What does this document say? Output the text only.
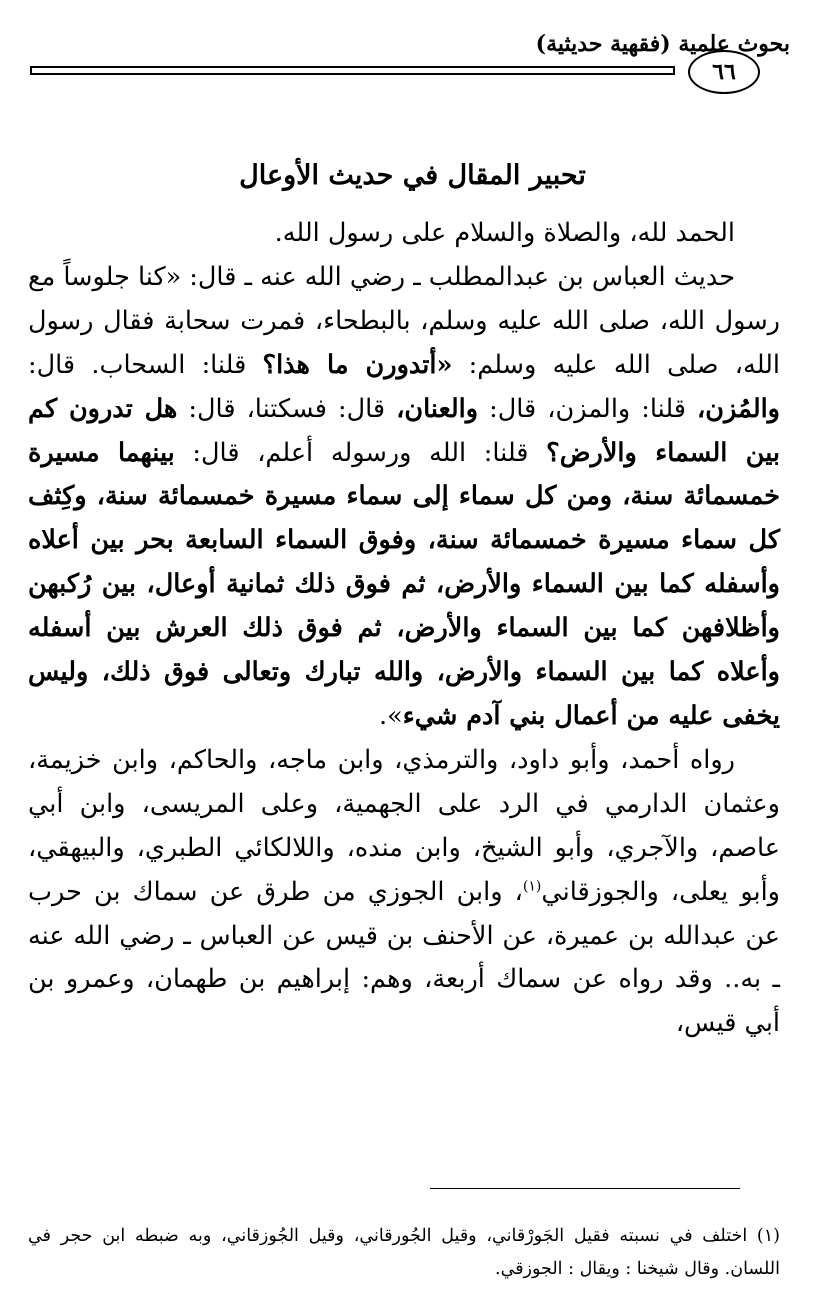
بحوث علمية (فقهية حديثية)
٦٦
تحبير المقال في حديث الأوعال

الحمد لله، والصلاة والسلام على رسول الله.

حديث العباس بن عبدالمطلب ـ رضي الله عنه ـ قال: «كنا جلوساً مع رسول الله، صلى الله عليه وسلم، بالبطحاء، فمرت سحابة فقال رسول الله، صلى الله عليه وسلم: «أتدورن ما هذا؟ قلنا: السحاب. قال: والمُزن، قلنا: والمزن، قال: والعنان، قال: فسكتنا، قال: هل تدرون كم بين السماء والأرض؟ قلنا: الله ورسوله أعلم، قال: بينهما مسيرة خمسمائة سنة، ومن كل سماء إلى سماء مسيرة خمسمائة سنة، وكِثف كل سماء مسيرة خمسمائة سنة، وفوق السماء السابعة بحر بين أعلاه وأسفله كما بين السماء والأرض، ثم فوق ذلك ثمانية أوعال، بين رُكبهن وأظلافهن كما بين السماء والأرض، ثم فوق ذلك العرش بين أسفله وأعلاه كما بين السماء والأرض، والله تبارك وتعالى فوق ذلك، وليس يخفى عليه من أعمال بني آدم شيء».

رواه أحمد، وأبو داود، والترمذي، وابن ماجه، والحاكم، وابن خزيمة، وعثمان الدارمي في الرد على الجهمية، وعلى المريسى، وابن أبي عاصم، والآجري، وأبو الشيخ، وابن منده، واللالكائي الطبري، والبيهقي، وأبو يعلى، والجوزقاني$^{(١)}$، وابن الجوزي من طرق عن سماك بن حرب عن عبدالله بن عميرة، عن الأحنف بن قيس عن العباس ـ رضي الله عنه ـ به.. وقد رواه عن سماك أربعة، وهم: إبراهيم بن طهمان، وعمرو بن أبي قيس،

(١) اختلف في نسبته فقيل الجَورْقاني، وقيل الجُورقاني، وقيل الجُوزقاني، وبه ضبطه ابن حجر في اللسان. وقال شيخنا : ويقال : الجوزقي.
